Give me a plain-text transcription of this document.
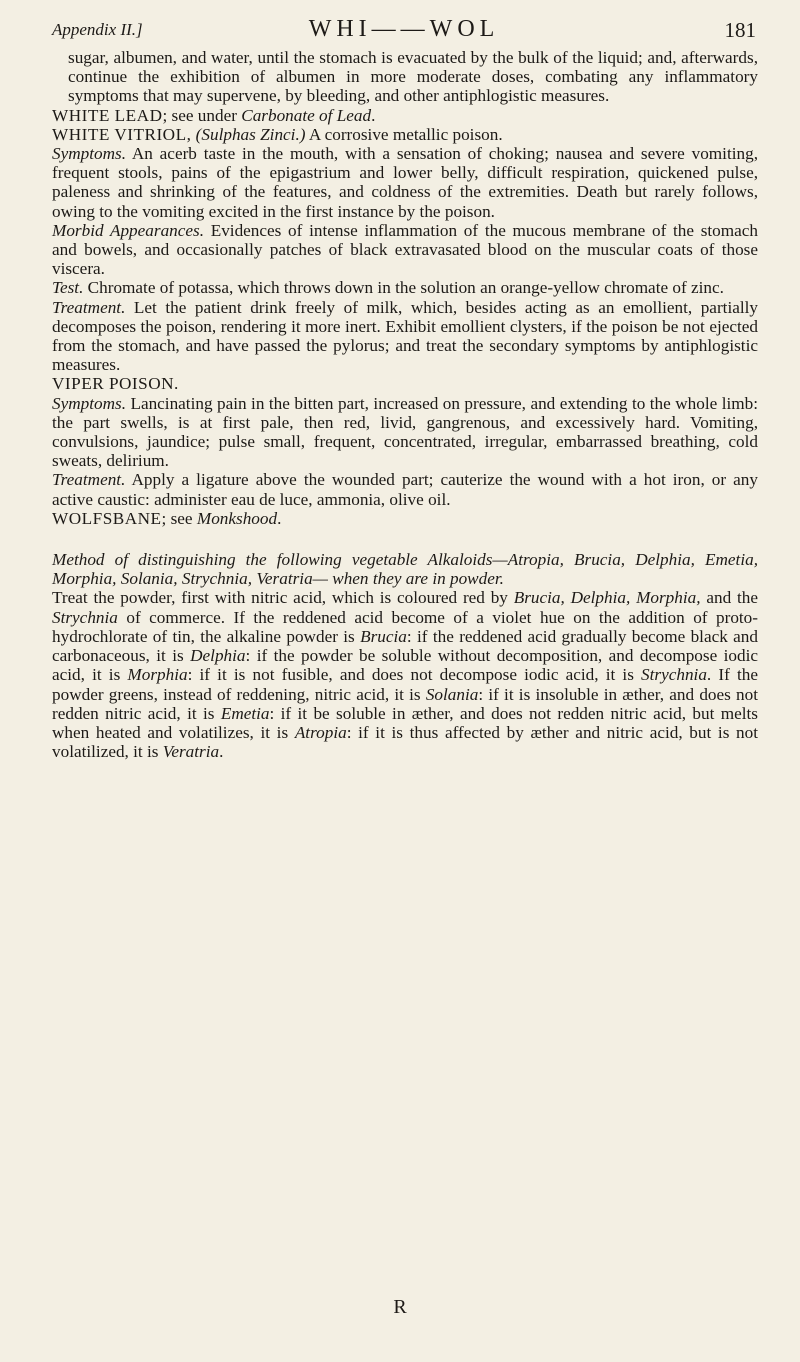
Appendix II.]	WHI——WOL	181

sugar, albumen, and water, until the stomach is evacuated by the bulk of the liquid; and, afterwards, continue the exhibition of albumen in more moderate doses, combating any inflammatory symptoms that may supervene, by bleeding, and other antiphlogistic measures.

WHITE LEAD; see under Carbonate of Lead.

WHITE VITRIOL, (Sulphas Zinci.) A corrosive metallic poison.

Symptoms. An acerb taste in the mouth, with a sensation of choking; nausea and severe vomiting, frequent stools, pains of the epigastrium and lower belly, difficult respiration, quickened pulse, paleness and shrinking of the features, and coldness of the extremities. Death but rarely follows, owing to the vomiting excited in the first instance by the poison.

Morbid Appearances. Evidences of intense inflammation of the mucous membrane of the stomach and bowels, and occasionally patches of black extravasated blood on the muscular coats of those viscera.

Test. Chromate of potassa, which throws down in the solution an orange-yellow chromate of zinc.

Treatment. Let the patient drink freely of milk, which, besides acting as an emollient, partially decomposes the poison, rendering it more inert. Exhibit emollient clysters, if the poison be not ejected from the stomach, and have passed the pylorus; and treat the secondary symptoms by antiphlogistic measures.

VIPER POISON.

Symptoms. Lancinating pain in the bitten part, increased on pressure, and extending to the whole limb: the part swells, is at first pale, then red, livid, gangrenous, and excessively hard. Vomiting, convulsions, jaundice; pulse small, frequent, concentrated, irregular, embarrassed breathing, cold sweats, delirium.

Treatment. Apply a ligature above the wounded part; cauterize the wound with a hot iron, or any active caustic: administer eau de luce, ammonia, olive oil.

WOLFSBANE; see Monkshood.

Method of distinguishing the following vegetable Alkaloids—Atropia, Brucia, Delphia, Emetia, Morphia, Solania, Strychnia, Veratria— when they are in powder.

Treat the powder, first with nitric acid, which is coloured red by Brucia, Delphia, Morphia, and the Strychnia of commerce. If the reddened acid become of a violet hue on the addition of proto-hydrochlorate of tin, the alkaline powder is Brucia: if the reddened acid gradually become black and carbonaceous, it is Delphia: if the powder be soluble without decomposition, and decompose iodic acid, it is Morphia: if it is not fusible, and does not decompose iodic acid, it is Strychnia. If the powder greens, instead of reddening, nitric acid, it is Solania: if it is insoluble in æther, and does not redden nitric acid, it is Emetia: if it be soluble in æther, and does not redden nitric acid, but melts when heated and volatilizes, it is Atropia: if it is thus affected by æther and nitric acid, but is not volatilized, it is Veratria.

R
